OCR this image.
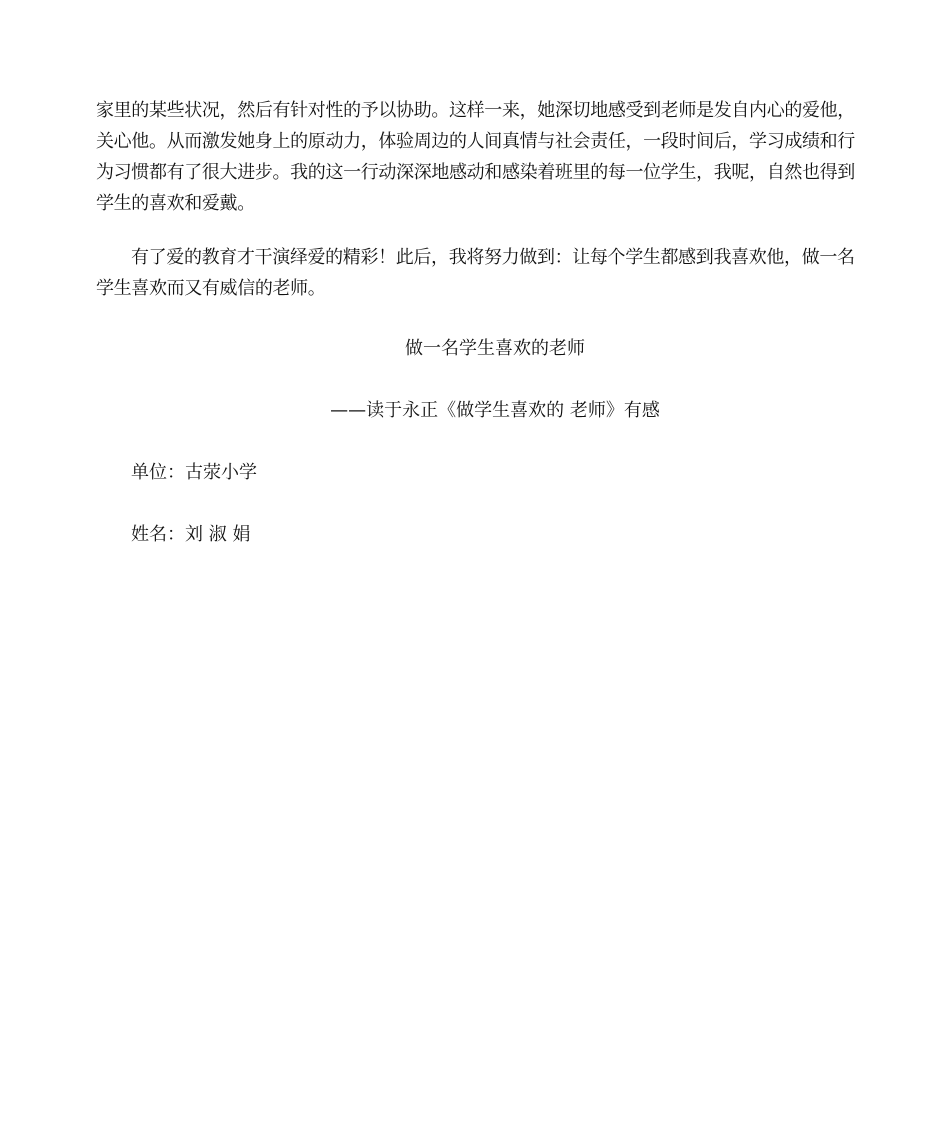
家里的某些状况，然后有针对性的予以协助。这样一来，她深切地感受到老师是发自内心的爱他，关心他。从而激发她身上的原动力，体验周边的人间真情与社会责任，一段时间后，学习成绩和行为习惯都有了很大进步。我的这一行动深深地感动和感染着班里的每一位学生，我呢，自然也得到学生的喜欢和爱戴。

有了爱的教育才干演绎爱的精彩！此后，我将努力做到：让每个学生都感到我喜欢他，做一名学生喜欢而又有威信的老师。

做一名学生喜欢的老师

——读于永正《做学生喜欢的 老师》有感

单位：古荥小学

姓名：刘 淑 娟
